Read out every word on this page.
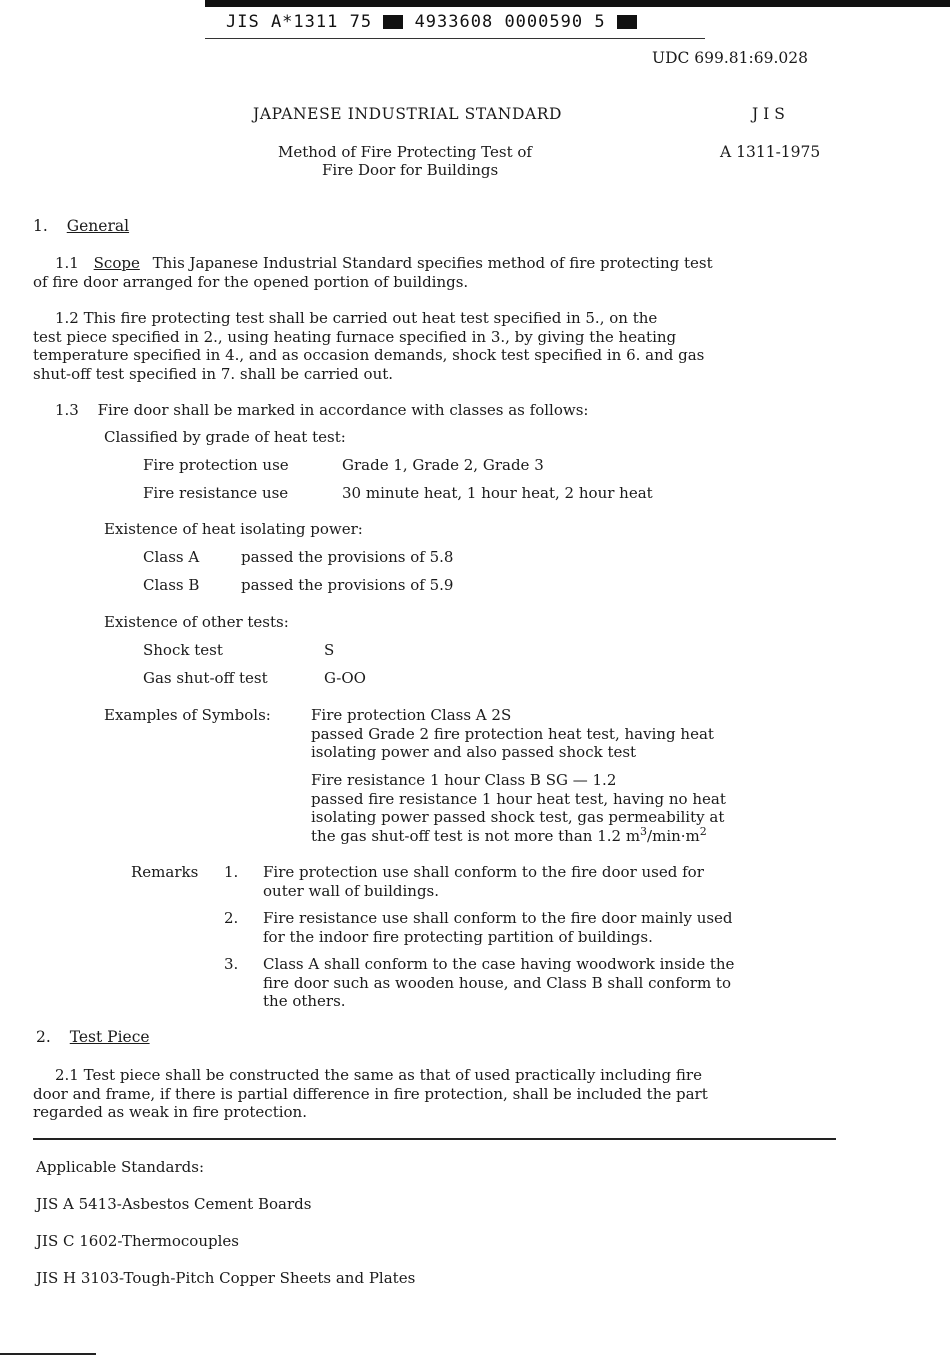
JIS A*1311 75	4933608 0000590 5
UDC 699.81:69.028
JAPANESE INDUSTRIAL STANDARD	J I S
Method of Fire Protecting Test of
Fire Door for Buildings
A 1311-1975
1. General
1.1 Scope This Japanese Industrial Standard specifies method of fire protecting test
of fire door arranged for the opened portion of buildings.
1.2 This fire protecting test shall be carried out heat test specified in 5., on the
test piece specified in 2., using heating furnace specified in 3., by giving the heating
temperature specified in 4., and as occasion demands, shock test specified in 6. and gas
shut-off test specified in 7. shall be carried out.
1.3 Fire door shall be marked in accordance with classes as follows:
Classified by grade of heat test:
Fire protection use	Grade 1, Grade 2, Grade 3
Fire resistance use	30 minute heat, 1 hour heat, 2 hour heat
Existence of heat isolating power:
Class A	passed the provisions of 5.8
Class B	passed the provisions of 5.9
Existence of other tests:
Shock test	S
Gas shut-off test	G-OO
Examples of Symbols:	Fire protection Class A 2S
passed Grade 2 fire protection heat test, having heat
isolating power and also passed shock test
Fire resistance 1 hour Class B SG — 1.2
passed fire resistance 1 hour heat test, having no heat
isolating power passed shock test, gas permeability at
the gas shut-off test is not more than 1.2 $m^3/\min\cdot m^2$
Remarks 1. Fire protection use shall conform to the fire door used for
outer wall of buildings.
2. Fire resistance use shall conform to the fire door mainly used
for the indoor fire protecting partition of buildings.
3. Class A shall conform to the case having woodwork inside the
fire door such as wooden house, and Class B shall conform to
the others.
2. Test Piece
2.1 Test piece shall be constructed the same as that of used practically including fire
door and frame, if there is partial difference in fire protection, shall be included the part
regarded as weak in fire protection.
Applicable Standards:
JIS A 5413-Asbestos Cement Boards
JIS C 1602-Thermocouples
JIS H 3103-Tough-Pitch Copper Sheets and Plates
